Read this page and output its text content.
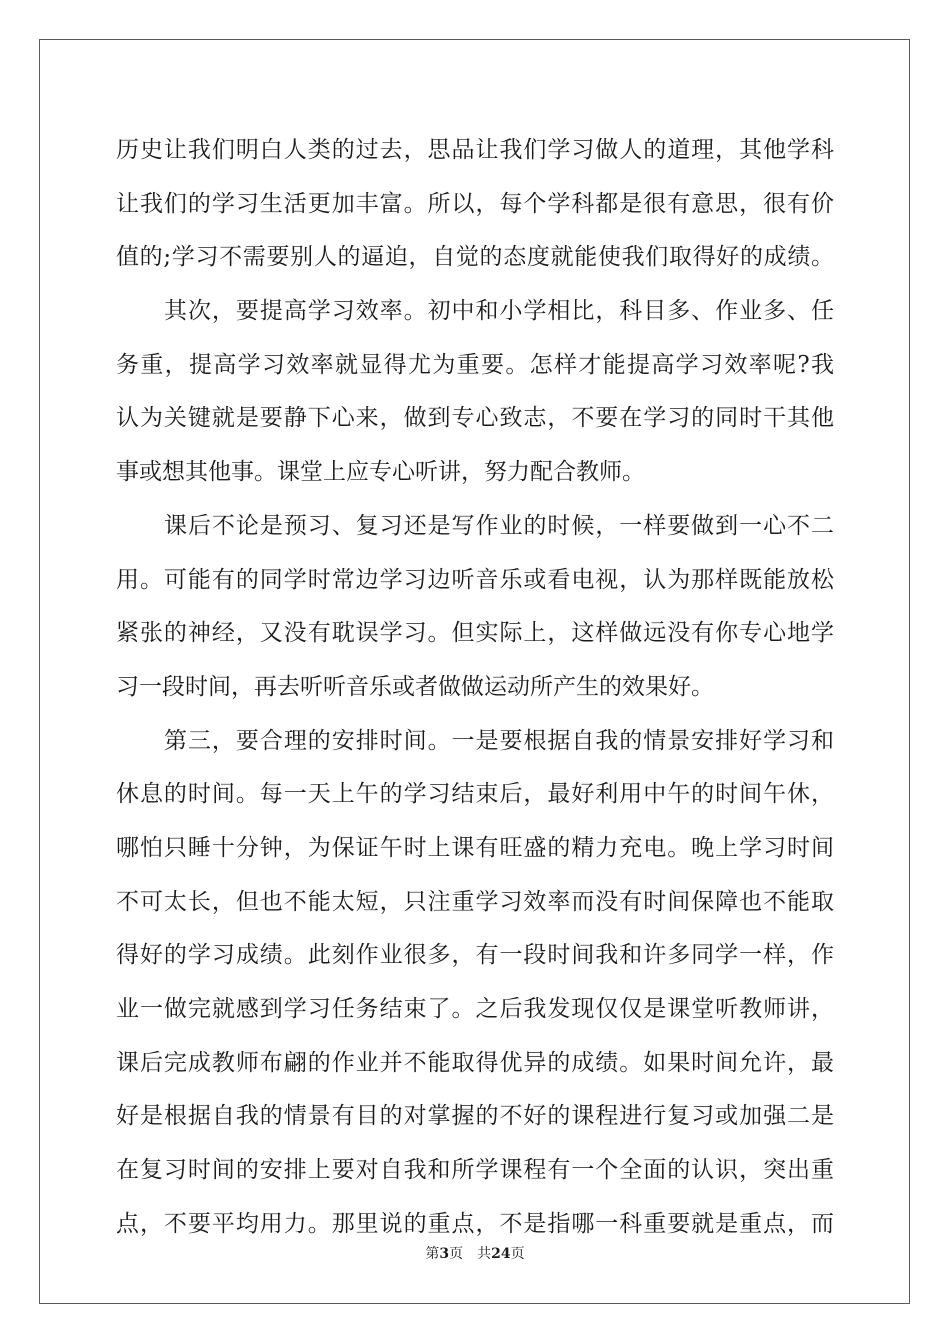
历史让我们明白人类的过去，思品让我们学习做人的道理，其他学科
让我们的学习生活更加丰富。所以，每个学科都是很有意思，很有价
值的;学习不需要别人的逼迫，自觉的态度就能使我们取得好的成绩。
其次，要提高学习效率。初中和小学相比，科目多、作业多、任
务重，提高学习效率就显得尤为重要。怎样才能提高学习效率呢?我
认为关键就是要静下心来，做到专心致志，不要在学习的同时干其他
事或想其他事。课堂上应专心听讲，努力配合教师。
课后不论是预习、复习还是写作业的时候，一样要做到一心不二
用。可能有的同学时常边学习边听音乐或看电视，认为那样既能放松
紧张的神经，又没有耽误学习。但实际上，这样做远没有你专心地学
习一段时间，再去听听音乐或者做做运动所产生的效果好。
第三，要合理的安排时间。一是要根据自我的情景安排好学习和
休息的时间。每一天上午的学习结束后，最好利用中午的时间午休，
哪怕只睡十分钟，为保证午时上课有旺盛的精力充电。晚上学习时间
不可太长，但也不能太短，只注重学习效率而没有时间保障也不能取
得好的学习成绩。此刻作业很多，有一段时间我和许多同学一样，作
业一做完就感到学习任务结束了。之后我发现仅仅是课堂听教师讲，
课后完成教师布翩的作业并不能取得优异的成绩。如果时间允许，最
好是根据自我的情景有目的对掌握的不好的课程进行复习或加强二是
在复习时间的安排上要对自我和所学课程有一个全面的认识，突出重
点，不要平均用力。那里说的重点，不是指哪一科重要就是重点，而
第3页 共24页
